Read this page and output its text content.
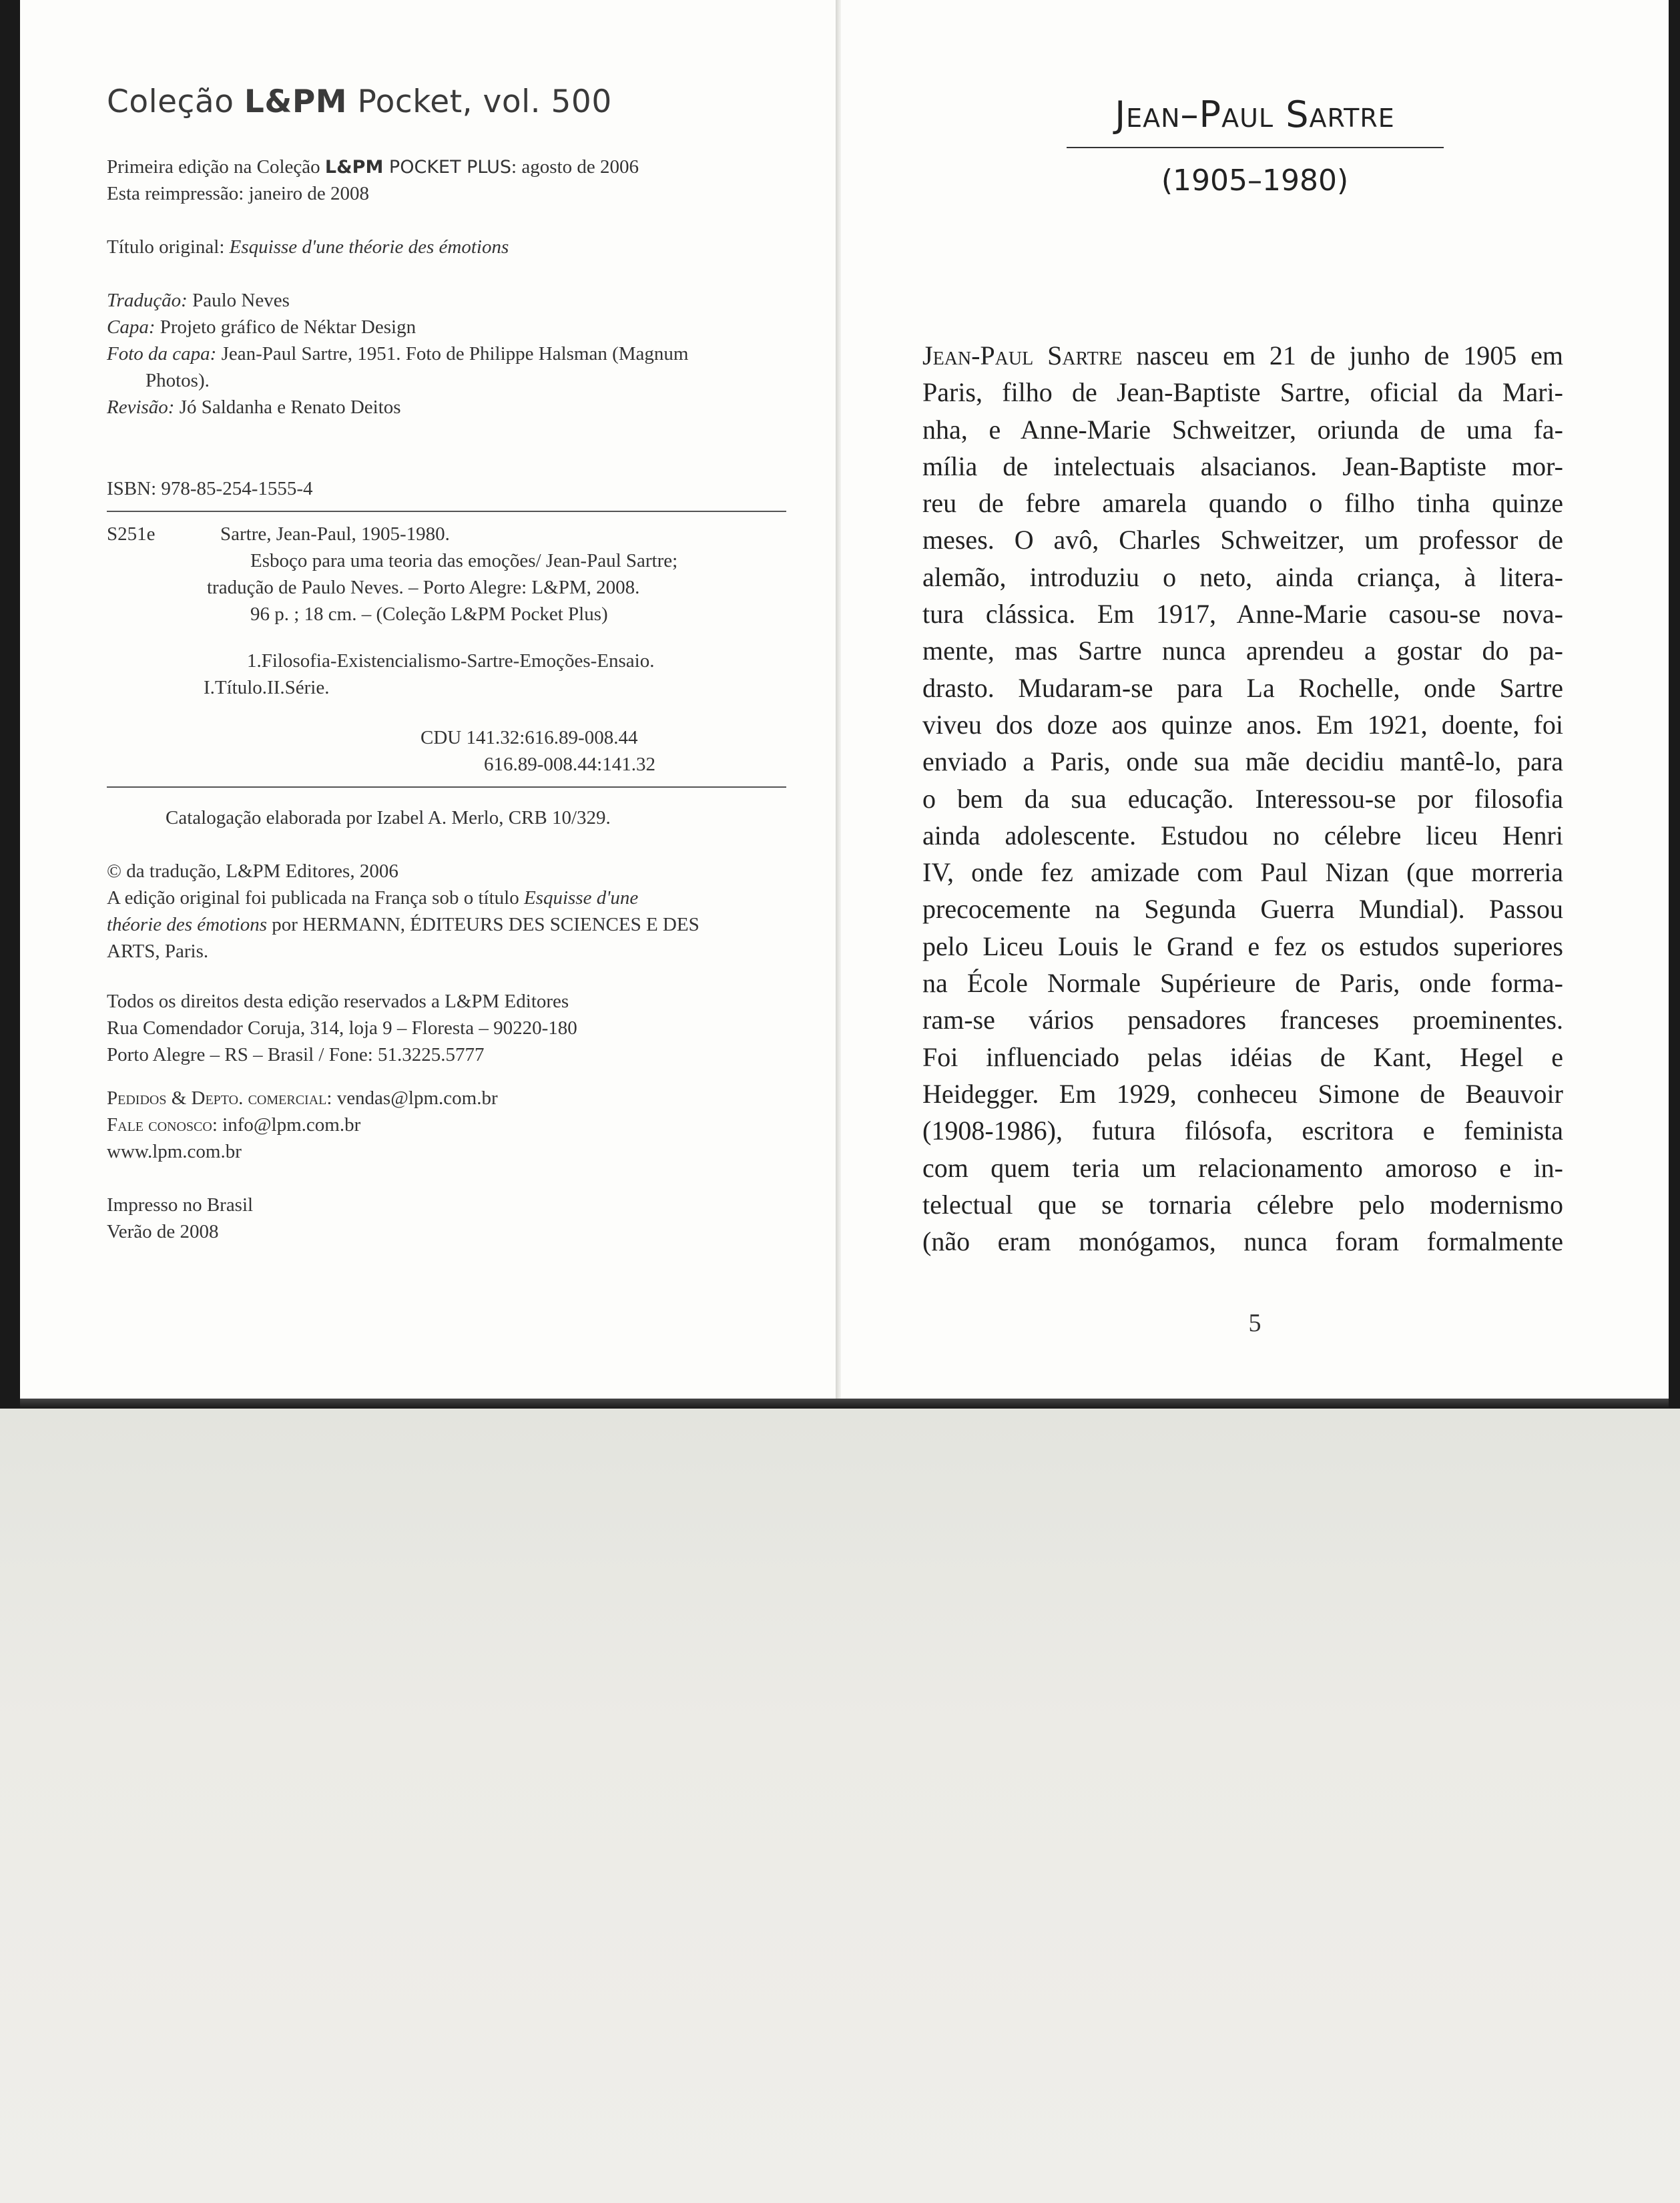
Coleção L&PM Pocket, vol. 500
Primeira edição na Coleção L&PM POCKET PLUS: agosto de 2006
Esta reimpressão: janeiro de 2008
Título original: Esquisse d'une théorie des émotions
Tradução: Paulo Neves
Capa: Projeto gráfico de Néktar Design
Foto da capa: Jean-Paul Sartre, 1951. Foto de Philippe Halsman (Magnum
Photos).
Revisão: Jó Saldanha e Renato Deitos
ISBN: 978-85-254-1555-4
S251e	Sartre, Jean-Paul, 1905-1980.
Esboço para uma teoria das emoções/ Jean-Paul Sartre;
tradução de Paulo Neves. – Porto Alegre: L&PM, 2008.
96 p. ; 18 cm. – (Coleção L&PM Pocket Plus)
1.Filosofia-Existencialismo-Sartre-Emoções-Ensaio.
I.Título.II.Série.
CDU 141.32:616.89-008.44
616.89-008.44:141.32
Catalogação elaborada por Izabel A. Merlo, CRB 10/329.
© da tradução, L&PM Editores, 2006
A edição original foi publicada na França sob o título Esquisse d'une
théorie des émotions por HERMANN, ÉDITEURS DES SCIENCES E DES
ARTS, Paris.
Todos os direitos desta edição reservados a L&PM Editores
Rua Comendador Coruja, 314, loja 9 – Floresta – 90220-180
Porto Alegre – RS – Brasil / Fone: 51.3225.5777
Pedidos & Depto. comercial: vendas@lpm.com.br
Fale conosco: info@lpm.com.br
www.lpm.com.br
Impresso no Brasil
Verão de 2008
Jean–Paul Sartre
(1905–1980)
Jean-Paul Sartre nasceu em 21 de junho de 1905 em
Paris, filho de Jean-Baptiste Sartre, oficial da Mari-
nha, e Anne-Marie Schweitzer, oriunda de uma fa-
mília de intelectuais alsacianos. Jean-Baptiste mor-
reu de febre amarela quando o filho tinha quinze
meses. O avô, Charles Schweitzer, um professor de
alemão, introduziu o neto, ainda criança, à litera-
tura clássica. Em 1917, Anne-Marie casou-se nova-
mente, mas Sartre nunca aprendeu a gostar do pa-
drasto. Mudaram-se para La Rochelle, onde Sartre
viveu dos doze aos quinze anos. Em 1921, doente, foi
enviado a Paris, onde sua mãe decidiu mantê-lo, para
o bem da sua educação. Interessou-se por filosofia
ainda adolescente. Estudou no célebre liceu Henri
IV, onde fez amizade com Paul Nizan (que morreria
precocemente na Segunda Guerra Mundial). Passou
pelo Liceu Louis le Grand e fez os estudos superiores
na École Normale Supérieure de Paris, onde forma-
ram-se vários pensadores franceses proeminentes.
Foi influenciado pelas idéias de Kant, Hegel e
Heidegger. Em 1929, conheceu Simone de Beauvoir
(1908-1986), futura filósofa, escritora e feminista
com quem teria um relacionamento amoroso e in-
telectual que se tornaria célebre pelo modernismo
(não eram monógamos, nunca foram formalmente
5
